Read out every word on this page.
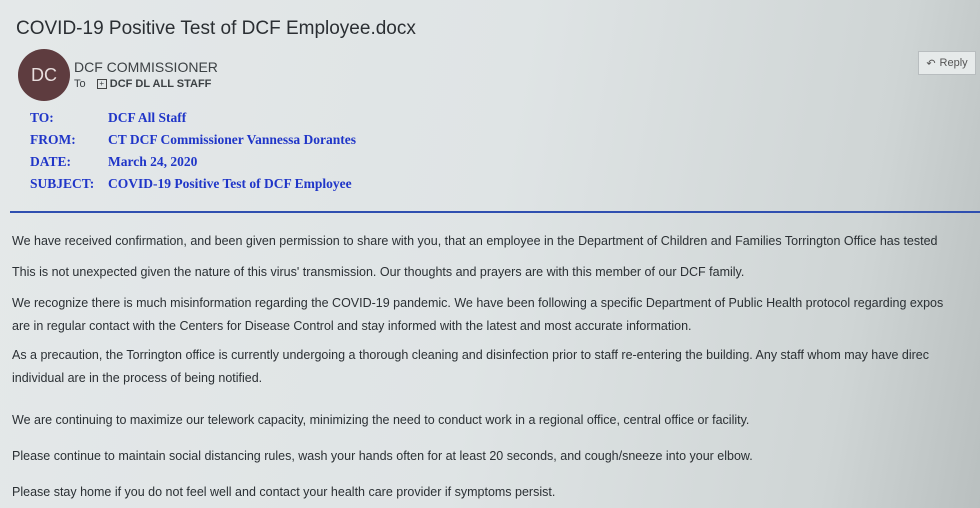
COVID-19 Positive Test of DCF Employee.docx
DC DCF COMMISSIONER
To + DCF DL ALL STAFF
↶ Reply
TO:	DCF All Staff
FROM: CT DCF Commissioner Vannessa Dorantes
DATE:	March 24, 2020
SUBJECT: COVID-19 Positive Test of DCF Employee
We have received confirmation, and been given permission to share with you, that an employee in the Department of Children and Families Torrington Office has tested
This is not unexpected given the nature of this virus' transmission. Our thoughts and prayers are with this member of our DCF family.
We recognize there is much misinformation regarding the COVID-19 pandemic. We have been following a specific Department of Public Health protocol regarding expos
are in regular contact with the Centers for Disease Control and stay informed with the latest and most accurate information.
As a precaution, the Torrington office is currently undergoing a thorough cleaning and disinfection prior to staff re-entering the building. Any staff whom may have direc
individual are in the process of being notified.
We are continuing to maximize our telework capacity, minimizing the need to conduct work in a regional office, central office or facility.
Please continue to maintain social distancing rules, wash your hands often for at least 20 seconds, and cough/sneeze into your elbow.
Please stay home if you do not feel well and contact your health care provider if symptoms persist.
